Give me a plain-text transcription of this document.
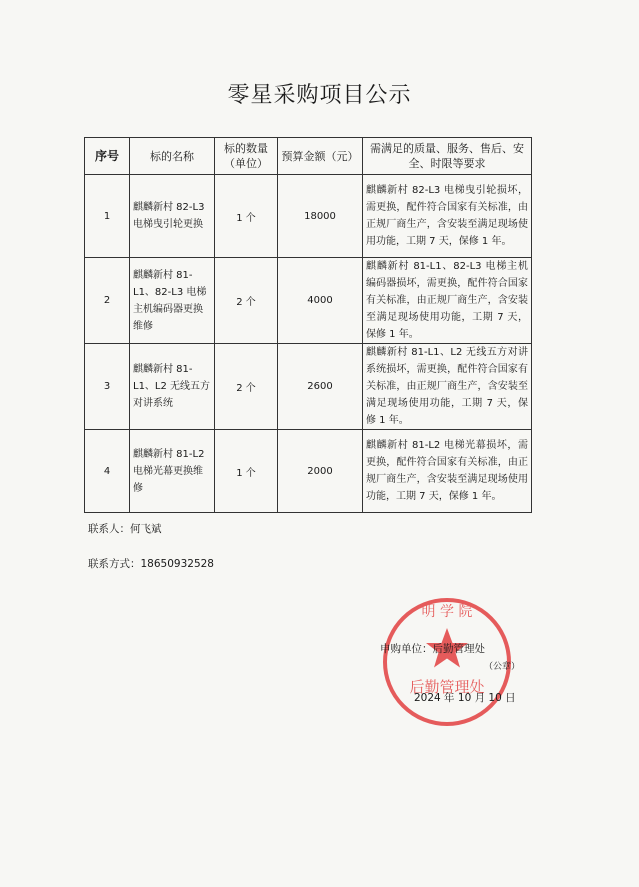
零星采购项目公示
序号	标的名称	标的数量（单位）	预算金额（元）	需满足的质量、服务、售后、安全、时限等要求
1	麒麟新村 82-L3 电梯曳引轮更换	1 个	18000	麒麟新村 82-L3 电梯曳引轮损坏，需更换，配件符合国家有关标准，由正规厂商生产，含安装至满足现场使用功能，工期 7 天，保修 1 年。
2	麒麟新村 81-L1、82-L3 电梯主机编码器更换维修	2 个	4000	麒麟新村 81-L1、82-L3 电梯主机编码器损坏，需更换，配件符合国家有关标准，由正规厂商生产，含安装至满足现场使用功能，工期 7 天，保修 1 年。
3	麒麟新村 81-L1、L2 无线五方对讲系统	2 个	2600	麒麟新村 81-L1、L2 无线五方对讲系统损坏，需更换，配件符合国家有关标准，由正规厂商生产，含安装至满足现场使用功能，工期 7 天，保修 1 年。
4	麒麟新村 81-L2 电梯光幕更换维修	1 个	2000	麒麟新村 81-L2 电梯光幕损坏，需更换，配件符合国家有关标准，由正规厂商生产，含安装至满足现场使用功能，工期 7 天，保修 1 年。
联系人：何飞斌
联系方式：18650932528
明 学 院
后勤管理处
申购单位：后勤管理处
（公章）
2024 年 10 月 10 日
